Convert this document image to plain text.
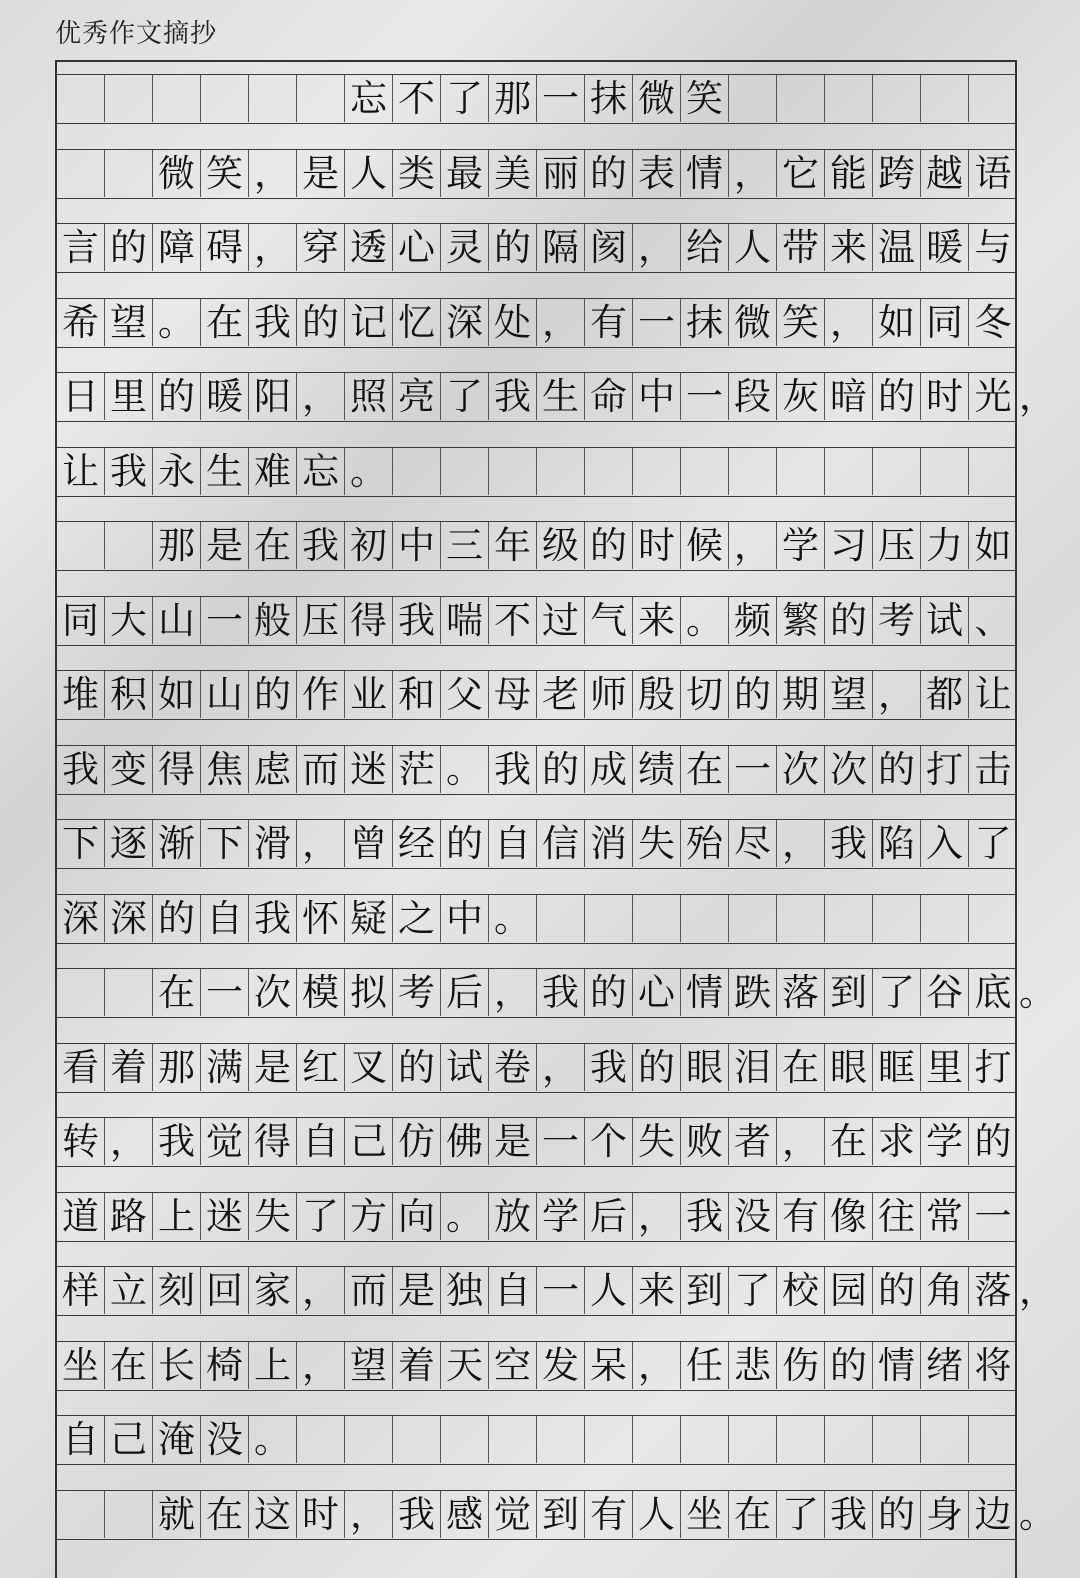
优秀作文摘抄
忘 不 了 那 一 抹 微 笑
微 笑 ， 是 人 类 最 美 丽 的 表 情 ， 它 能 跨 越 语
言 的 障 碍 ， 穿 透 心 灵 的 隔 阂 ， 给 人 带 来 温 暖 与
希 望 。 在 我 的 记 忆 深 处 ， 有 一 抹 微 笑 ， 如 同 冬
日 里 的 暖 阳 ， 照 亮 了 我 生 命 中 一 段 灰 暗 的 时 光 ，
让 我 永 生 难 忘 。
那 是 在 我 初 中 三 年 级 的 时 候 ， 学 习 压 力 如
同 大 山 一 般 压 得 我 喘 不 过 气 来 。 频 繁 的 考 试 、
堆 积 如 山 的 作 业 和 父 母 老 师 殷 切 的 期 望 ， 都 让
我 变 得 焦 虑 而 迷 茫 。 我 的 成 绩 在 一 次 次 的 打 击
下 逐 渐 下 滑 ， 曾 经 的 自 信 消 失 殆 尽 ， 我 陷 入 了
深 深 的 自 我 怀 疑 之 中 。
在 一 次 模 拟 考 后 ， 我 的 心 情 跌 落 到 了 谷 底 。
看 着 那 满 是 红 叉 的 试 卷 ， 我 的 眼 泪 在 眼 眶 里 打
转 ， 我 觉 得 自 己 仿 佛 是 一 个 失 败 者 ， 在 求 学 的
道 路 上 迷 失 了 方 向 。 放 学 后 ， 我 没 有 像 往 常 一
样 立 刻 回 家 ， 而 是 独 自 一 人 来 到 了 校 园 的 角 落 ，
坐 在 长 椅 上 ， 望 着 天 空 发 呆 ， 任 悲 伤 的 情 绪 将
自 己 淹 没 。
就 在 这 时 ， 我 感 觉 到 有 人 坐 在 了 我 的 身 边 。
